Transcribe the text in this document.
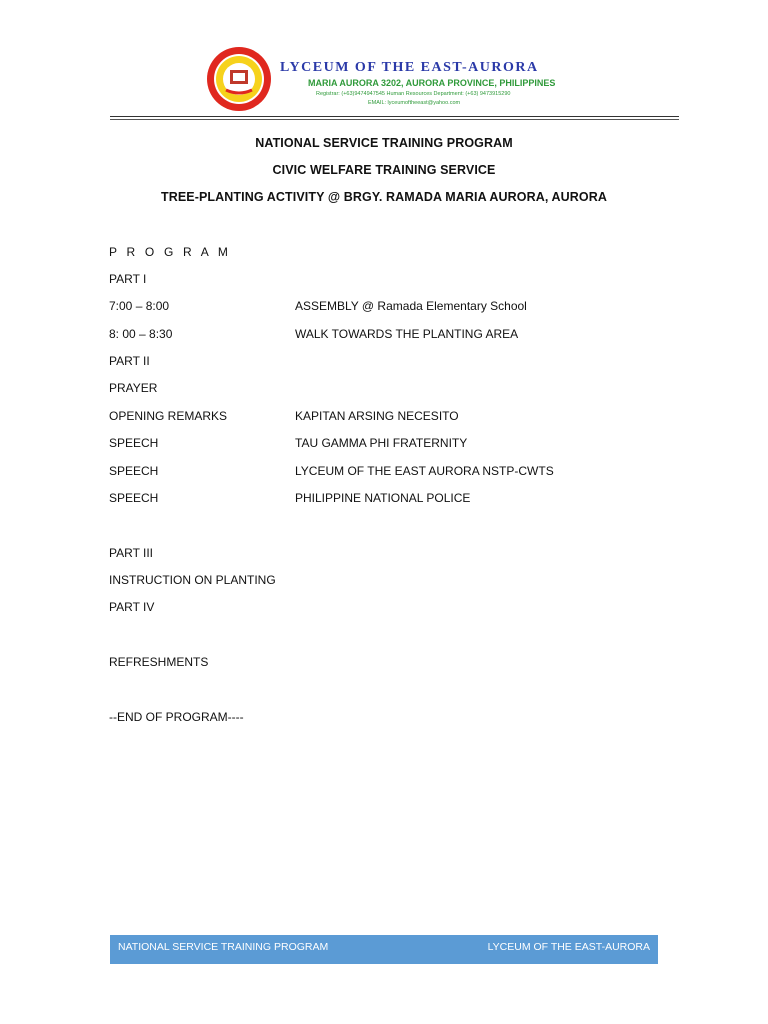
LYCEUM OF THE EAST-AURORA
MARIA AURORA 3202, AURORA PROVINCE, PHILIPPINES
Registrar: (+63)9474947545 Human Resources Department: (+63) 9473915290
EMAIL: lyceumoftheeast@yahoo.com
NATIONAL SERVICE TRAINING PROGRAM
CIVIC WELFARE TRAINING SERVICE
TREE-PLANTING ACTIVITY @ BRGY. RAMADA MARIA AURORA, AURORA
P R O G R A M
PART I
7:00 – 8:00	ASSEMBLY @ Ramada Elementary School
8: 00 – 8:30	WALK TOWARDS THE PLANTING AREA
PART II
PRAYER
OPENING REMARKS	KAPITAN ARSING NECESITO
SPEECH	TAU GAMMA PHI FRATERNITY
SPEECH	LYCEUM OF THE EAST AURORA NSTP-CWTS
SPEECH	PHILIPPINE NATIONAL POLICE
PART III
INSTRUCTION ON PLANTING
PART IV
REFRESHMENTS
--END OF PROGRAM----
NATIONAL SERVICE TRAINING PROGRAM	LYCEUM OF THE EAST-AURORA
